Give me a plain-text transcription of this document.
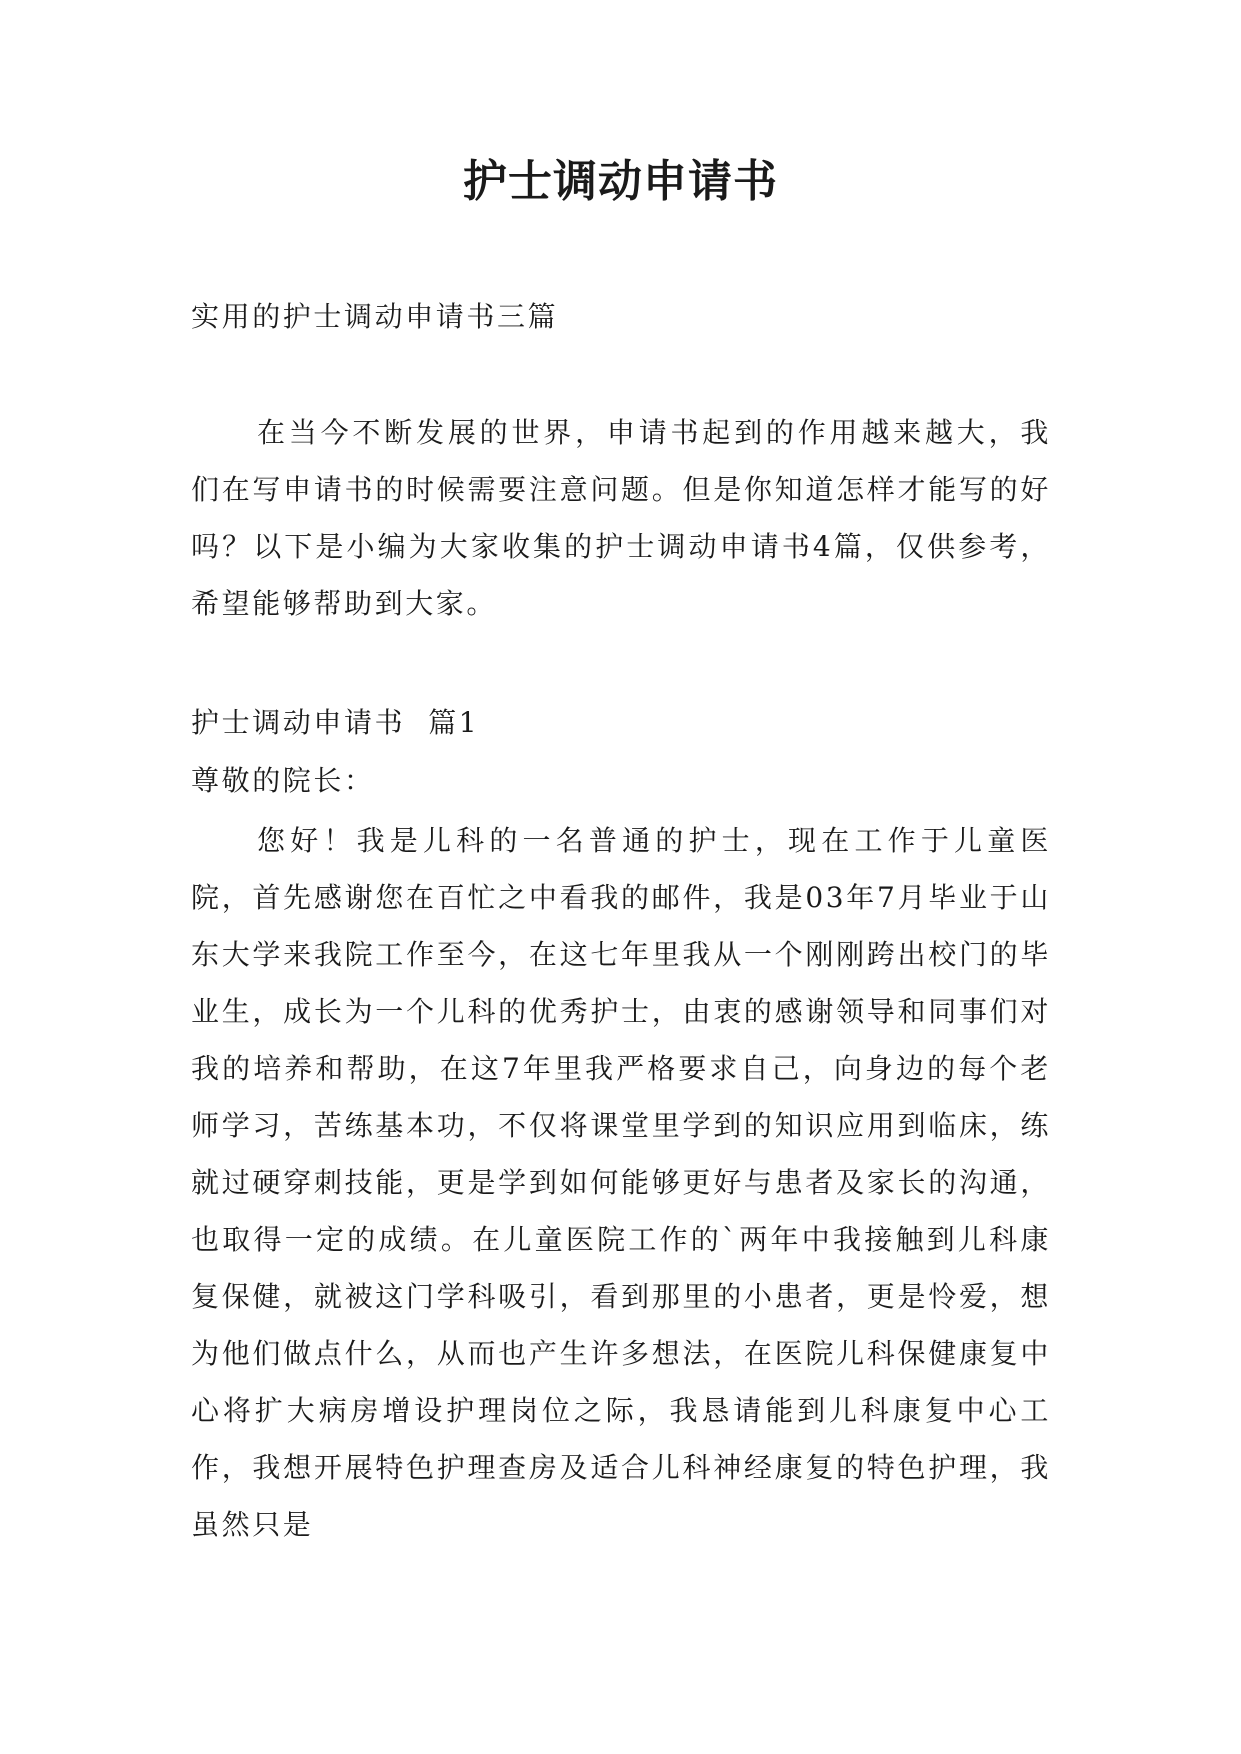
护士调动申请书

实用的护士调动申请书三篇

在当今不断发展的世界，申请书起到的作用越来越大，我们在写申请书的时候需要注意问题。但是你知道怎样才能写的好吗？以下是小编为大家收集的护士调动申请书4篇，仅供参考，希望能够帮助到大家。

护士调动申请书  篇1

尊敬的院长：

您好！我是儿科的一名普通的护士，现在工作于儿童医院，首先感谢您在百忙之中看我的邮件，我是03年7月毕业于山东大学来我院工作至今，在这七年里我从一个刚刚跨出校门的毕业生，成长为一个儿科的优秀护士，由衷的感谢领导和同事们对我的培养和帮助，在这7年里我严格要求自己，向身边的每个老师学习，苦练基本功，不仅将课堂里学到的知识应用到临床，练就过硬穿刺技能，更是学到如何能够更好与患者及家长的沟通，也取得一定的成绩。在儿童医院工作的`两年中我接触到儿科康复保健，就被这门学科吸引，看到那里的小患者，更是怜爱，想为他们做点什么，从而也产生许多想法，在医院儿科保健康复中心将扩大病房增设护理岗位之际，我恳请能到儿科康复中心工作，我想开展特色护理查房及适合儿科神经康复的特色护理，我虽然只是
